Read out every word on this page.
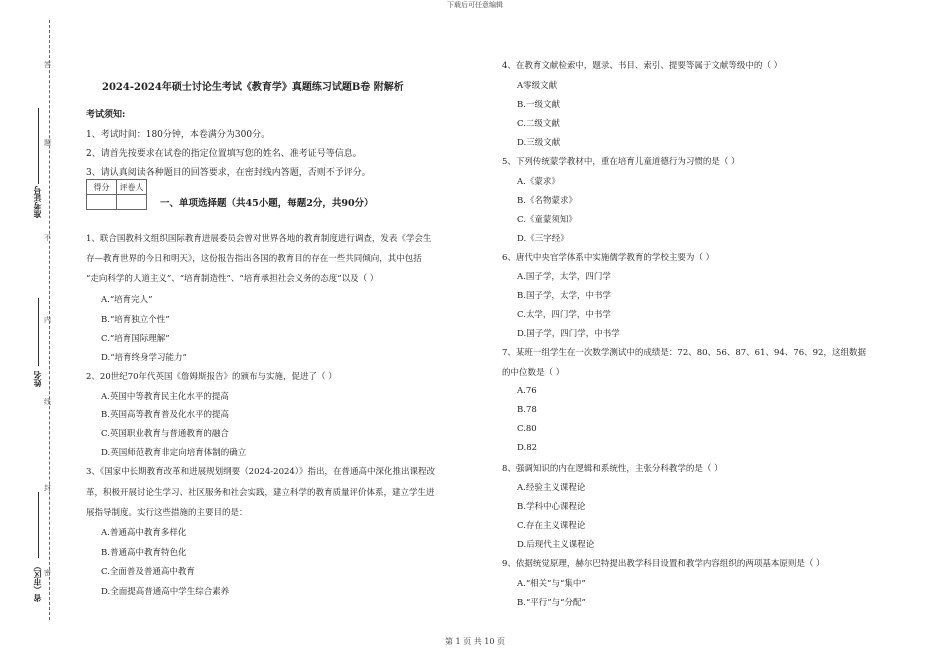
下载后可任意编辑
第 1 页 共 10 页
答
题
不
内
线
封
密
准考证号
姓名
省（市区）
2024-2024年硕士讨论生考试《教育学》真题练习试题B卷 附解析
考试须知:
1、考试时间：180分钟，本卷满分为300分。
2、请首先按要求在试卷的指定位置填写您的姓名、准考证号等信息。
3、请认真阅读各种题目的回答要求，在密封线内答题，否则不予评分。
得分	评卷人

一、单项选择题（共45小题，每题2分，共90分）
1、联合国教科文组织国际教育进展委员会曾对世界各地的教育制度进行调查，发表《学会生
存—教育世界的今日和明天》，这份报告指出各国的教育目的存在一些共同倾向，其中包括
“走向科学的人道主义”、“培育制造性”、“培育承担社会义务的态度”以及（ ）
A.“培育完人”
B.“培育独立个性”
C.“培育国际理解”
D.“培育终身学习能力”
2、20世纪70年代英国《詹姆斯报告》的颁布与实施，促进了（ ）
A.英国中等教育民主化水平的提高
B.英国高等教育普及化水平的提高
C.英国职业教育与普通教育的融合
D.英国师范教育非定向培育体制的确立
3、《国家中长期教育改革和进展规划纲要（2024-2024）》指出，在普通高中深化推出课程改
革，积极开展讨论生学习、社区服务和社会实践，建立科学的教育质量评价体系，建立学生进
展指导制度。实行这些措施的主要目的是：
A.普通高中教育多样化
B.普通高中教育特色化
C.全面普及普通高中教育
D.全面提高普通高中学生综合素养
4、在教育文献检索中，题录、书目、索引、提要等属于文献等级中的（ ）
A零级文献
B.一级文献
C.二级文献
D.三级文献
5、下列传统蒙学教材中，重在培育儿童道德行为习惯的是（ ）
A.《蒙求》
B.《名物蒙求》
C.《童蒙须知》
D.《三字经》
6、唐代中央官学体系中实施儒学教育的学校主要为（ ）
A.国子学，太学，四门学
B.国子学，太学，中书学
C.太学，四门学，中书学
D.国子学，四门学，中书学
7、某班一组学生在一次数学测试中的成绩是：72、80、56、87、61、94、76、92，这组数据
的中位数是（ ）
A.76
B.78
C.80
D.82
8、强调知识的内在逻辑和系统性，主张分科教学的是（ ）
A.经验主义课程论
B.学科中心课程论
C.存在主义课程论
D.后现代主义课程论
9、依据统觉原理，赫尔巴特提出教学科目设置和教学内容组织的两项基本原则是（ ）
A.“相关”与“集中”
B.“平行”与“分配”
